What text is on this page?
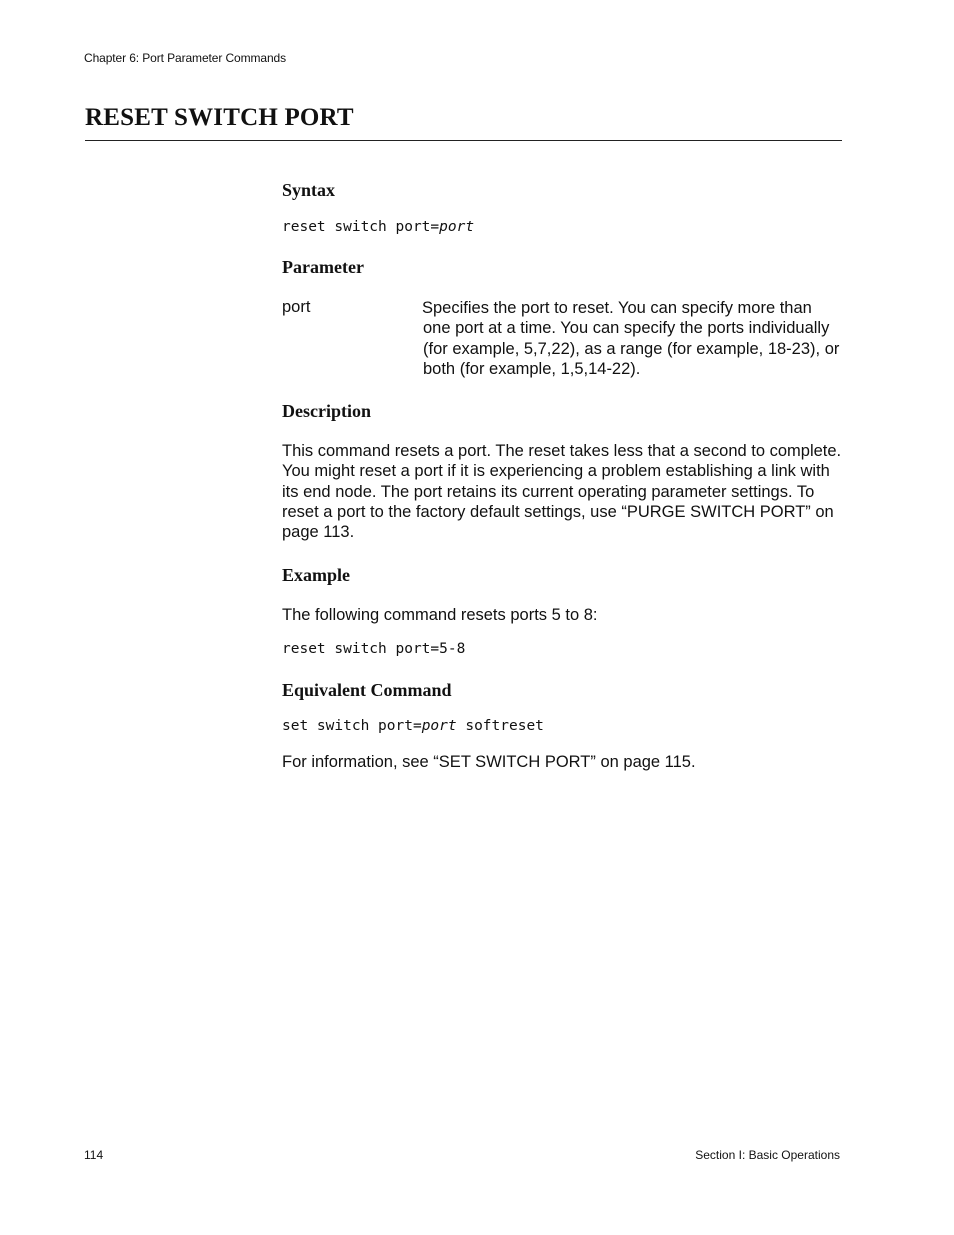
Chapter 6: Port Parameter Commands
RESET SWITCH PORT
Syntax
reset switch port=port
Parameter
port	Specifies the port to reset. You can specify more than
one port at a time. You can specify the ports individually (for example, 5,7,22), as a range (for example, 18-23), or both (for example, 1,5,14-22).
Description
This command resets a port. The reset takes less that a second to complete. You might reset a port if it is experiencing a problem establishing a link with its end node. The port retains its current operating parameter settings. To reset a port to the factory default settings, use “PURGE SWITCH PORT” on page 113.
Example
The following command resets ports 5 to 8:
reset switch port=5-8
Equivalent Command
set switch port=port softreset
For information, see “SET SWITCH PORT” on page 115.
114	Section I: Basic Operations
